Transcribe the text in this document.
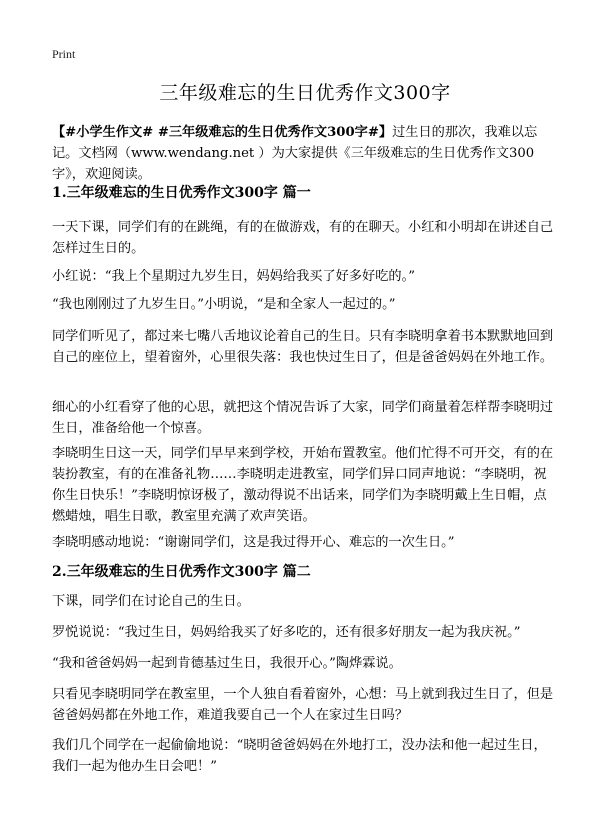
Print
三年级难忘的生日优秀作文300字
【#小学生作文# #三年级难忘的生日优秀作文300字#】过生日的那次，我难以忘记。文档网（www.wendang.net ）为大家提供《三年级难忘的生日优秀作文300字》，欢迎阅读。
1.三年级难忘的生日优秀作文300字 篇一
一天下课，同学们有的在跳绳，有的在做游戏，有的在聊天。小红和小明却在讲述自己怎样过生日的。
小红说：“我上个星期过九岁生日，妈妈给我买了好多好吃的。”
“我也刚刚过了九岁生日。”小明说，“是和全家人一起过的。”
同学们听见了，都过来七嘴八舌地议论着自己的生日。只有李晓明拿着书本默默地回到自己的座位上，望着窗外，心里很失落：我也快过生日了，但是爸爸妈妈在外地工作。
细心的小红看穿了他的心思，就把这个情况告诉了大家，同学们商量着怎样帮李晓明过生日，准备给他一个惊喜。
李晓明生日这一天，同学们早早来到学校，开始布置教室。他们忙得不可开交，有的在装扮教室，有的在准备礼物……李晓明走进教室，同学们异口同声地说：“李晓明，祝你生日快乐！”李晓明惊讶极了，激动得说不出话来，同学们为李晓明戴上生日帽，点燃蜡烛，唱生日歌，教室里充满了欢声笑语。
李晓明感动地说：“谢谢同学们，这是我过得开心、难忘的一次生日。”
2.三年级难忘的生日优秀作文300字 篇二
下课，同学们在讨论自己的生日。
罗悦说说：“我过生日，妈妈给我买了好多吃的，还有很多好朋友一起为我庆祝。”
“我和爸爸妈妈一起到肯德基过生日，我很开心。”陶烨霖说。
只看见李晓明同学在教室里，一个人独自看着窗外，心想：马上就到我过生日了，但是爸爸妈妈都在外地工作，难道我要自己一个人在家过生日吗？
我们几个同学在一起偷偷地说：“晓明爸爸妈妈在外地打工，没办法和他一起过生日，我们一起为他办生日会吧！”
